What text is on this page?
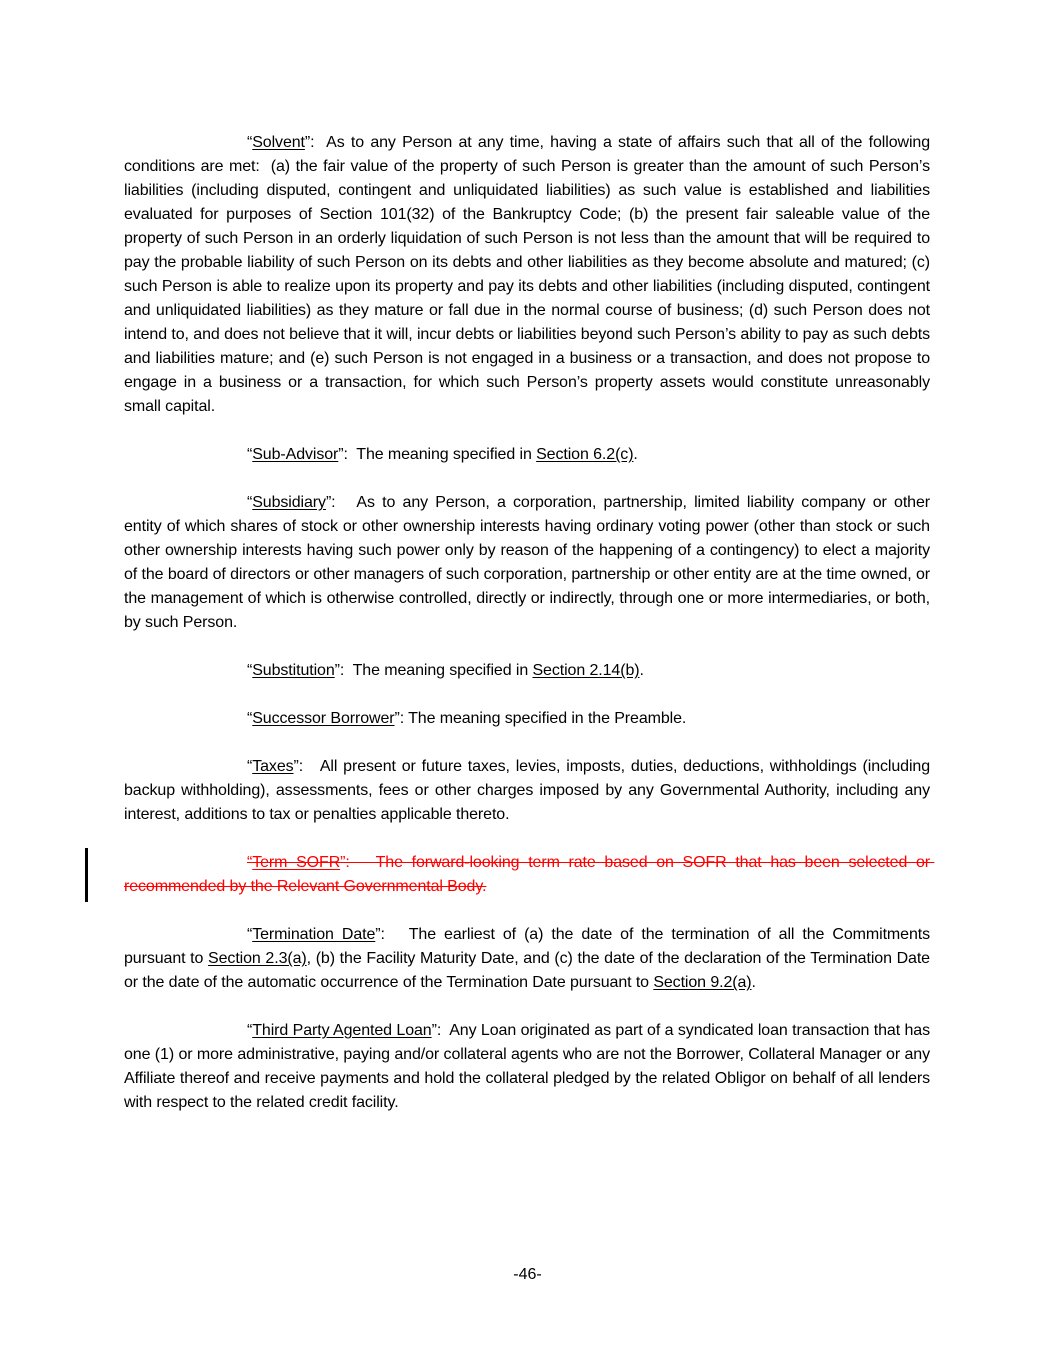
“Solvent”:  As to any Person at any time, having a state of affairs such that all of the following conditions are met:  (a) the fair value of the property of such Person is greater than the amount of such Person’s liabilities (including disputed, contingent and unliquidated liabilities) as such value is established and liabilities evaluated for purposes of Section 101(32) of the Bankruptcy Code; (b) the present fair saleable value of the property of such Person in an orderly liquidation of such Person is not less than the amount that will be required to pay the probable liability of such Person on its debts and other liabilities as they become absolute and matured; (c) such Person is able to realize upon its property and pay its debts and other liabilities (including disputed, contingent and unliquidated liabilities) as they mature or fall due in the normal course of business; (d) such Person does not intend to, and does not believe that it will, incur debts or liabilities beyond such Person’s ability to pay as such debts and liabilities mature; and (e) such Person is not engaged in a business or a transaction, and does not propose to engage in a business or a transaction, for which such Person’s property assets would constitute unreasonably small capital.

“Sub-Advisor”:  The meaning specified in Section 6.2(c).

“Subsidiary”:   As to any Person, a corporation, partnership, limited liability company or other entity of which shares of stock or other ownership interests having ordinary voting power (other than stock or such other ownership interests having such power only by reason of the happening of a contingency) to elect a majority of the board of directors or other managers of such corporation, partnership or other entity are at the time owned, or the management of which is otherwise controlled, directly or indirectly, through one or more intermediaries, or both, by such Person.

“Substitution”:  The meaning specified in Section 2.14(b).

“Successor Borrower”: The meaning specified in the Preamble.

“Taxes”:   All present or future taxes, levies, imposts, duties, deductions, withholdings (including backup withholding), assessments, fees or other charges imposed by any Governmental Authority, including any interest, additions to tax or penalties applicable thereto.

“Term SOFR”:   The forward-looking term rate based on SOFR that has been selected or recommended by the Relevant Governmental Body.

“Termination Date”:   The earliest of (a) the date of the termination of all the Commitments pursuant to Section 2.3(a), (b) the Facility Maturity Date, and (c) the date of the declaration of the Termination Date or the date of the automatic occurrence of the Termination Date pursuant to Section 9.2(a).

“Third Party Agented Loan”:  Any Loan originated as part of a syndicated loan transaction that has one (1) or more administrative, paying and/or collateral agents who are not the Borrower, Collateral Manager or any Affiliate thereof and receive payments and hold the collateral pledged by the related Obligor on behalf of all lenders with respect to the related credit facility.

-46-
